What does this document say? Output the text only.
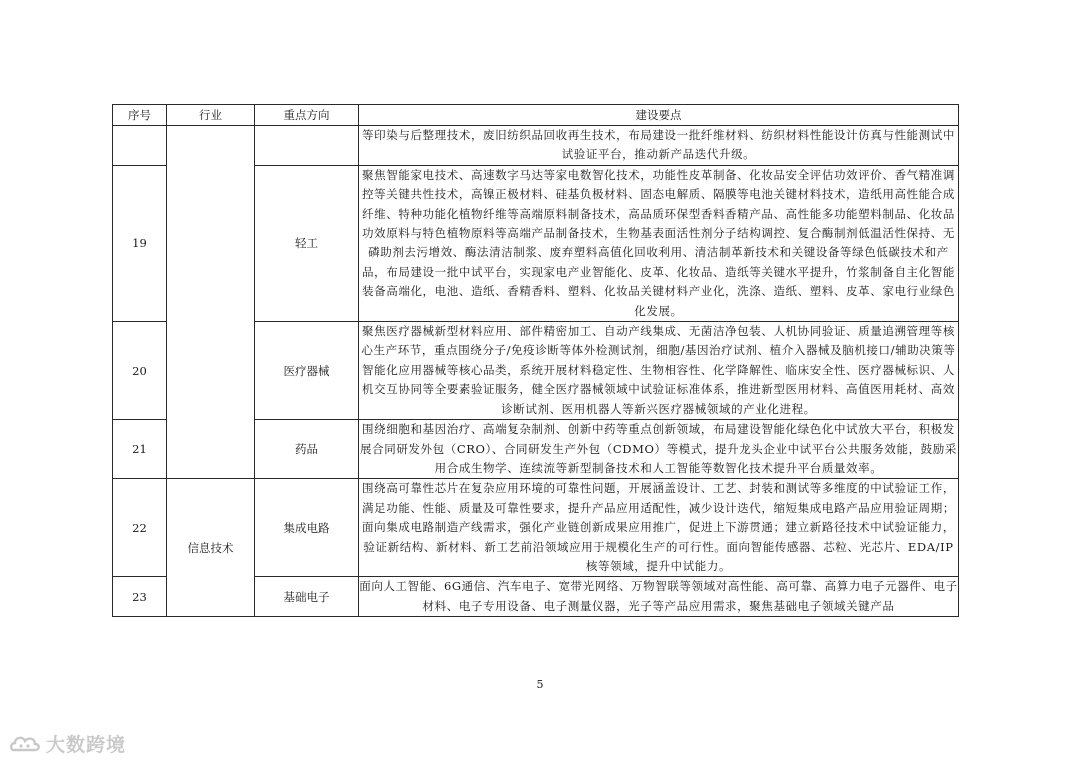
序号	行业	重点方向	建设要点
			等印染与后整理技术，废旧纺织品回收再生技术，布局建设一批纤维材料、纺织材料性能设计仿真与性能测试中试验证平台，推动新产品迭代升级。
19		轻工	聚焦智能家电技术、高速数字马达等家电数智化技术，功能性皮革制备、化妆品安全评估功效评价、香气精准调控等关键共性技术，高镍正极材料、硅基负极材料、固态电解质、隔膜等电池关键材料技术，造纸用高性能合成纤维、特种功能化植物纤维等高端原料制备技术，高品质环保型香料香精产品、高性能多功能塑料制品、化妆品功效原料与特色植物原料等高端产品制备技术，生物基表面活性剂分子结构调控、复合酶制剂低温活性保持、无磷助剂去污增效、酶法清洁制浆、废弃塑料高值化回收利用、清洁制革新技术和关键设备等绿色低碳技术和产品，布局建设一批中试平台，实现家电产业智能化、皮革、化妆品、造纸等关键水平提升，竹浆制备自主化智能装备高端化，电池、造纸、香精香料、塑料、化妆品关键材料产业化，洗涤、造纸、塑料、皮革、家电行业绿色化发展。
20		医疗器械	聚焦医疗器械新型材料应用、部件精密加工、自动产线集成、无菌洁净包装、人机协同验证、质量追溯管理等核心生产环节，重点围绕分子/免疫诊断等体外检测试剂，细胞/基因治疗试剂、植介入器械及脑机接口/辅助决策等智能化应用器械等核心品类，系统开展材料稳定性、生物相容性、化学降解性、临床安全性、医疗器械标识、人机交互协同等全要素验证服务，健全医疗器械领域中试验证标准体系，推进新型医用材料、高值医用耗材、高效诊断试剂、医用机器人等新兴医疗器械领域的产业化进程。
21		药品	围绕细胞和基因治疗、高端复杂制剂、创新中药等重点创新领域，布局建设智能化绿色化中试放大平台，积极发展合同研发外包（CRO）、合同研发生产外包（CDMO）等模式，提升龙头企业中试平台公共服务效能，鼓励采用合成生物学、连续流等新型制备技术和人工智能等数智化技术提升平台质量效率。
22	信息技术	集成电路	围绕高可靠性芯片在复杂应用环境的可靠性问题，开展涵盖设计、工艺、封装和测试等多维度的中试验证工作，满足功能、性能、质量及可靠性要求，提升产品应用适配性，减少设计迭代，缩短集成电路产品应用验证周期；面向集成电路制造产线需求，强化产业链创新成果应用推广，促进上下游贯通；建立新路径技术中试验证能力，验证新结构、新材料、新工艺前沿领域应用于规模化生产的可行性。面向智能传感器、芯粒、光芯片、EDA/IP核等领域，提升中试能力。
23		基础电子	面向人工智能、6G通信、汽车电子、宽带光网络、万物智联等领域对高性能、高可靠、高算力电子元器件、电子材料、电子专用设备、电子测量仪器，光子等产品应用需求，聚焦基础电子领域关键产品
5
大数跨境
